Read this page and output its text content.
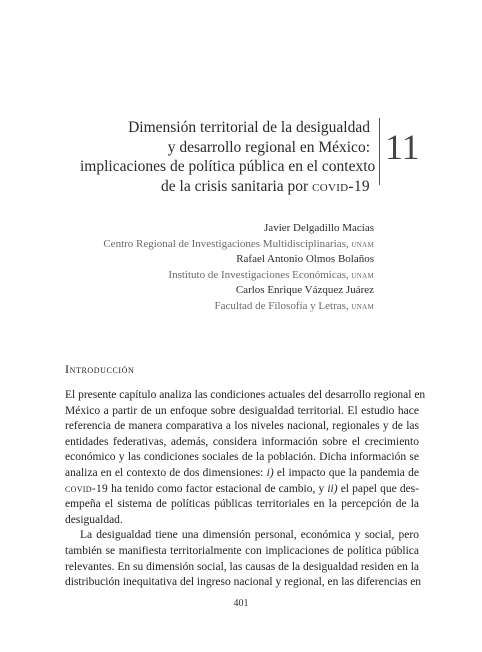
Dimensión territorial de la desigualdad
y desarrollo regional en México:
implicaciones de política pública en el contexto
de la crisis sanitaria por covid-19
11
Javier Delgadillo Macías
Centro Regional de Investigaciones Multidisciplinarias, unam
Rafael Antonio Olmos Bolaños
Instituto de Investigaciones Económicas, unam
Carlos Enrique Vázquez Juárez
Facultad de Filosofía y Letras, unam
Introducción
El presente capítulo analiza las condiciones actuales del desarrollo regional en
México a partir de un enfoque sobre desigualdad territorial. El estudio hace
referencia de manera comparativa a los niveles nacional, regionales y de las
entidades federativas, además, considera información sobre el crecimiento
económico y las condiciones sociales de la población. Dicha información se
analiza en el contexto de dos dimensiones: i) el impacto que la pandemia de
covid-19 ha tenido como factor estacional de cambio, y ii) el papel que des-
empeña el sistema de políticas públicas territoriales en la percepción de la
desigualdad.
La desigualdad tiene una dimensión personal, económica y social, pero
también se manifiesta territorialmente con implicaciones de política pública
relevantes. En su dimensión social, las causas de la desigualdad residen en la
distribución inequitativa del ingreso nacional y regional, en las diferencias en
401
